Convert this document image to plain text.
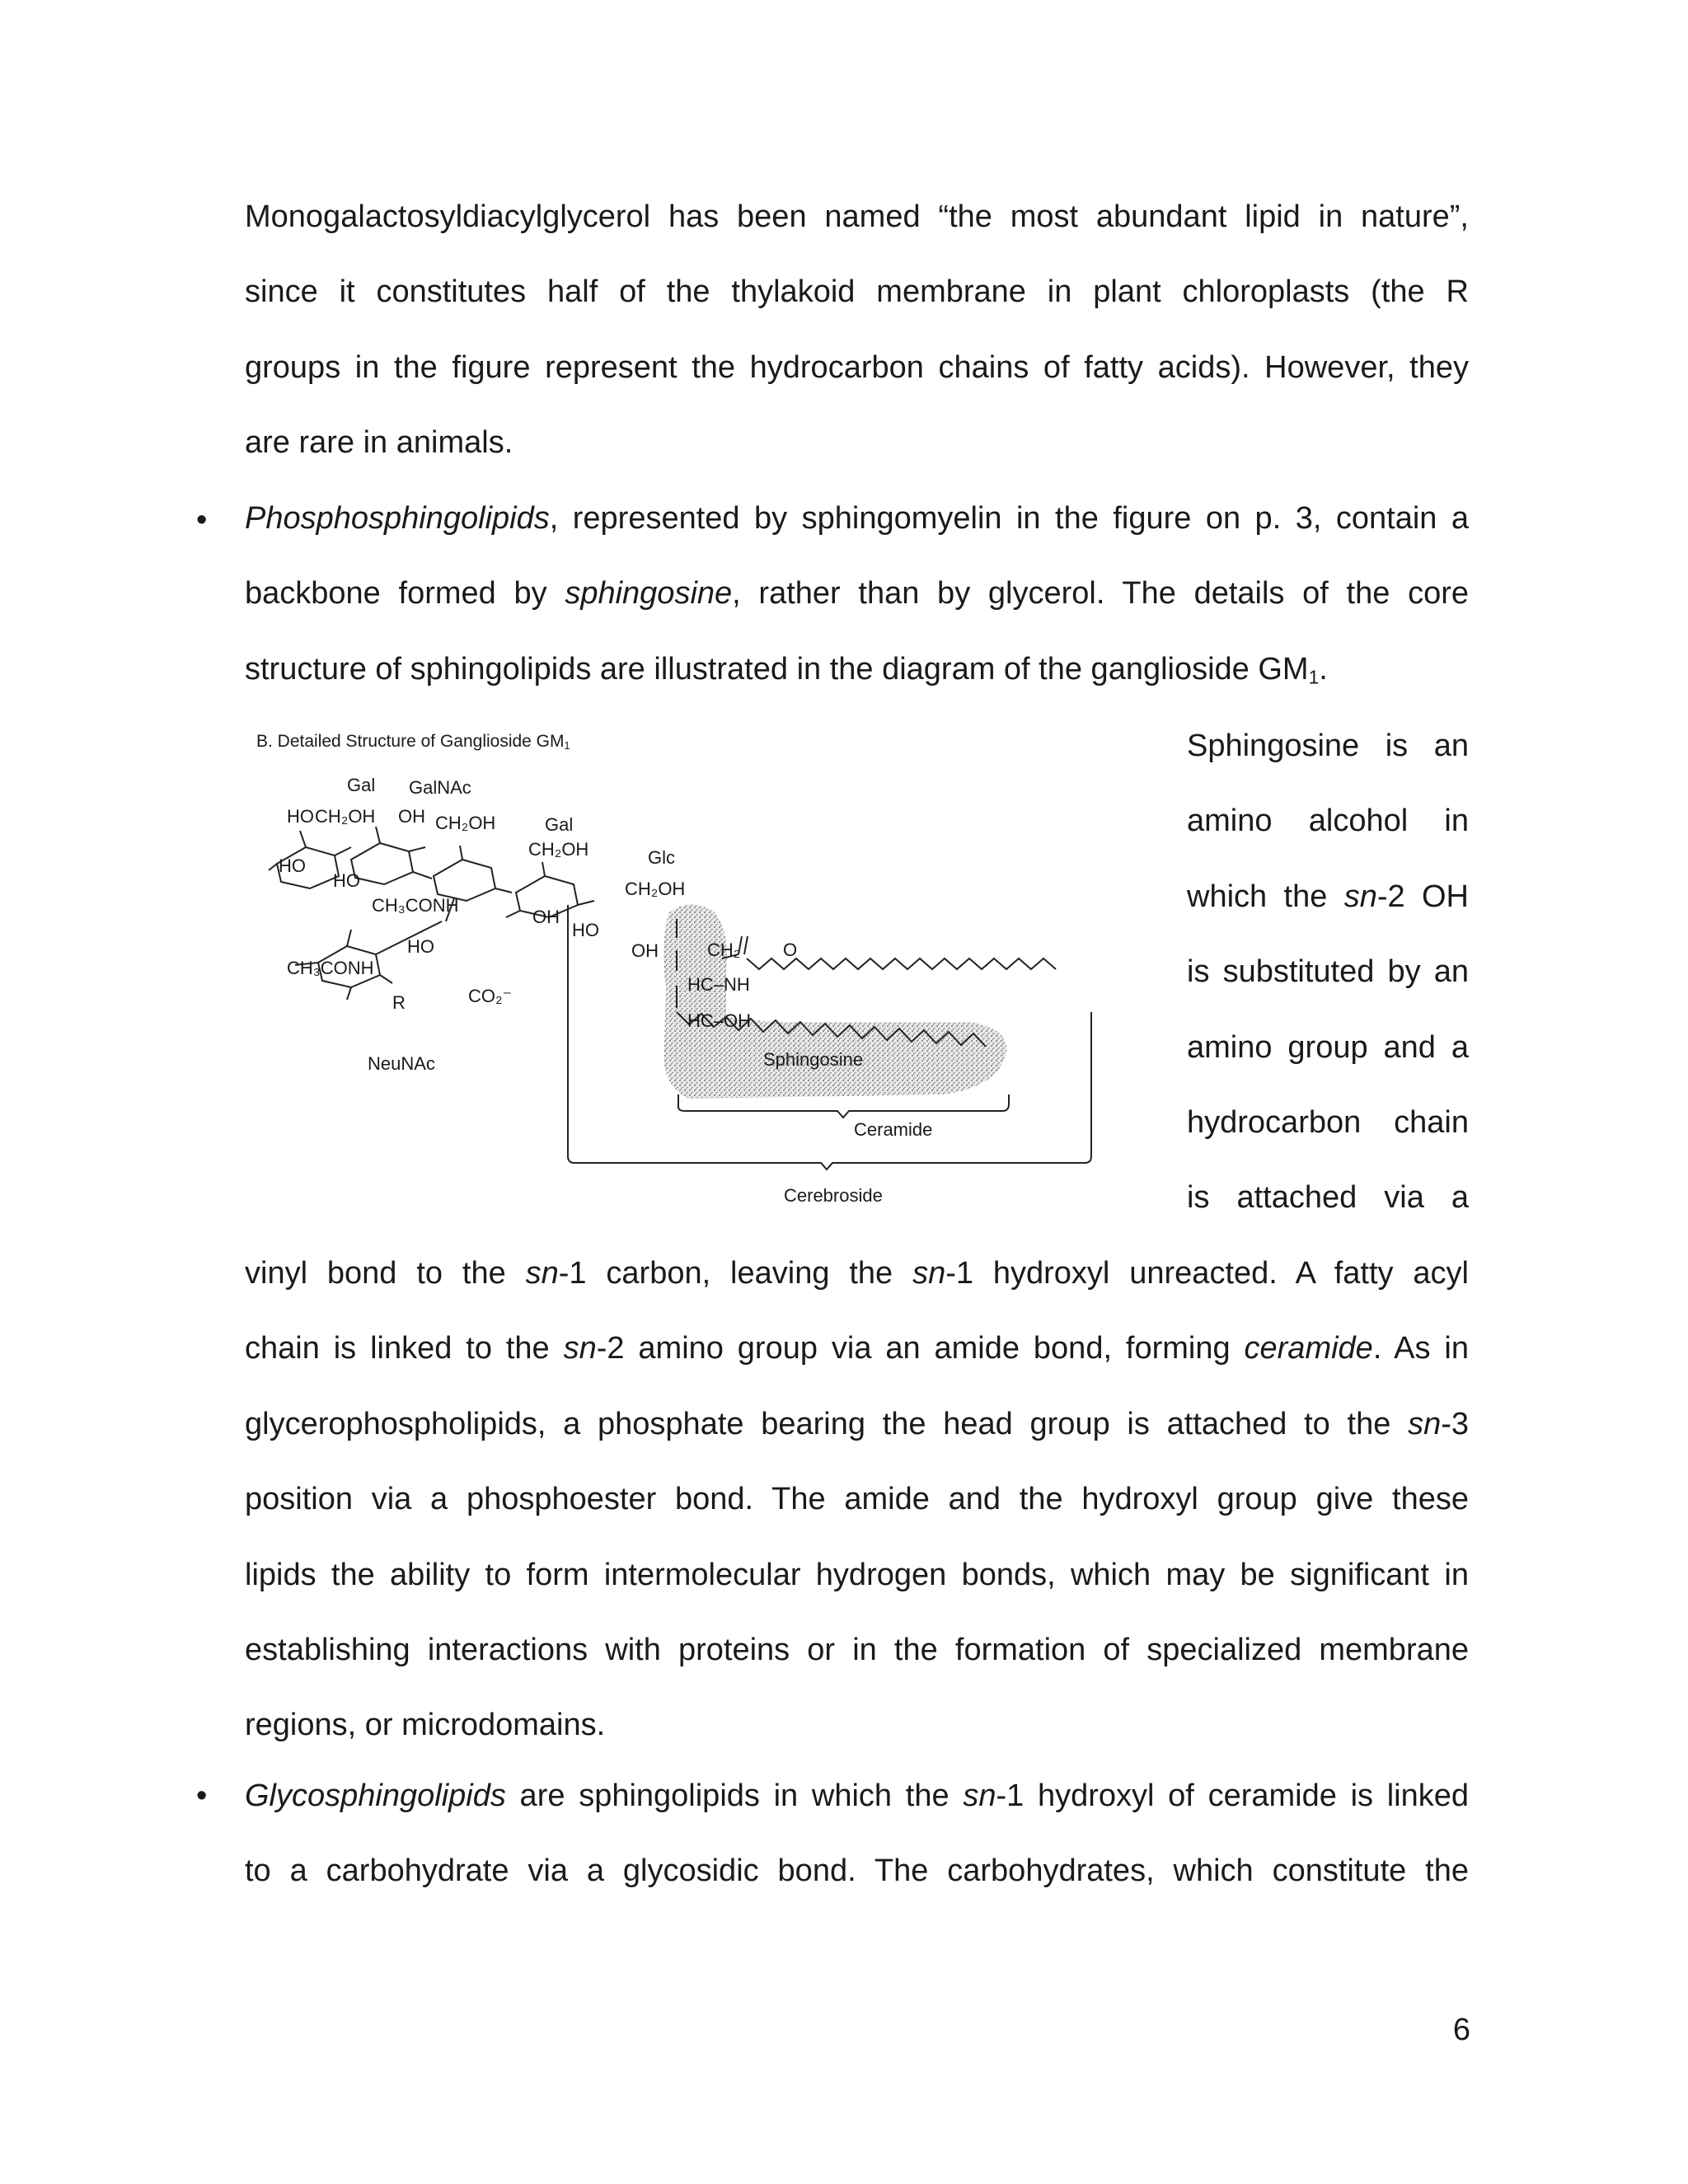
Monogalactosyldiacylglycerol has been named “the most abundant lipid in nature”,
since it constitutes half of the thylakoid membrane in plant chloroplasts (the R
groups in the figure represent the hydrocarbon chains of fatty acids). However, they
are rare in animals.
• Phosphosphingolipids, represented by sphingomyelin in the figure on p. 3, contain a
backbone formed by sphingosine, rather than by glycerol. The details of the core
structure of sphingolipids are illustrated in the diagram of the ganglioside $GM_1$.
B. Detailed Structure of Ganglioside $GM_1$
Gal GalNAc
Gal
Glc
NeuNAc
HO CH₂OH OH CH₂OH
HO
HO
CH₂OH
CH₃CONH
OH
CH₂OH
HO
OH
CH₃CONH
HO
R	CO₂⁻
CH₂
HC–NH
HC–OH
O
Sphingosine
Ceramide
Cerebroside
Sphingosine is an
amino alcohol in
which the sn-2 OH
is substituted by an
amino group and a
hydrocarbon chain
is attached via a
vinyl bond to the sn-1 carbon, leaving the sn-1 hydroxyl unreacted. A fatty acyl
chain is linked to the sn-2 amino group via an amide bond, forming ceramide. As in
glycerophospholipids, a phosphate bearing the head group is attached to the sn-3
position via a phosphoester bond. The amide and the hydroxyl group give these
lipids the ability to form intermolecular hydrogen bonds, which may be significant in
establishing interactions with proteins or in the formation of specialized membrane
regions, or microdomains.
• Glycosphingolipids are sphingolipids in which the sn-1 hydroxyl of ceramide is linked
to a carbohydrate via a glycosidic bond. The carbohydrates, which constitute the
6
